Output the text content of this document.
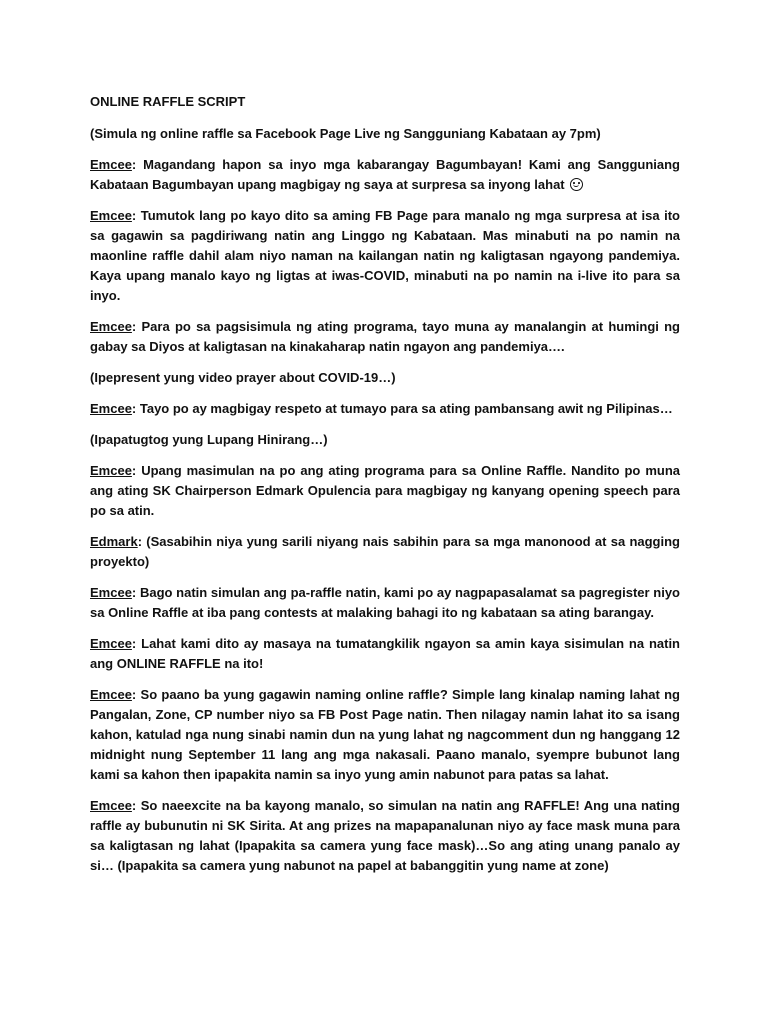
ONLINE RAFFLE SCRIPT

(Simula ng online raffle sa Facebook Page Live ng Sangguniang Kabataan ay 7pm)

Emcee: Magandang hapon sa inyo mga kabarangay Bagumbayan! Kami ang Sangguniang Kabataan Bagumbayan upang magbigay ng saya at surpresa sa inyong lahat

Emcee: Tumutok lang po kayo dito sa aming FB Page para manalo ng mga surpresa at isa ito sa gagawin sa pagdiriwang natin ang Linggo ng Kabataan. Mas minabuti na po namin na maonline raffle dahil alam niyo naman na kailangan natin ng kaligtasan ngayong pandemiya. Kaya upang manalo kayo ng ligtas at iwas-COVID, minabuti na po namin na i-live ito para sa inyo.

Emcee: Para po sa pagsisimula ng ating programa, tayo muna ay manalangin at humingi ng gabay sa Diyos at kaligtasan na kinakaharap natin ngayon ang pandemiya….

(Ipepresent yung video prayer about COVID-19…)

Emcee: Tayo po ay magbigay respeto at tumayo para sa ating pambansang awit ng Pilipinas…

(Ipapatugtog yung Lupang Hinirang…)

Emcee: Upang masimulan na po ang ating programa para sa Online Raffle. Nandito po muna ang ating SK Chairperson Edmark Opulencia para magbigay ng kanyang opening speech para po sa atin.

Edmark: (Sasabihin niya yung sarili niyang nais sabihin para sa mga manonood at sa nagging proyekto)

Emcee: Bago natin simulan ang pa-raffle natin, kami po ay nagpapasalamat sa pagregister niyo sa Online Raffle at iba pang contests at malaking bahagi ito ng kabataan sa ating barangay.

Emcee: Lahat kami dito ay masaya na tumatangkilik ngayon sa amin kaya sisimulan na natin ang ONLINE RAFFLE na ito!

Emcee: So paano ba yung gagawin naming online raffle? Simple lang kinalap naming lahat ng Pangalan, Zone, CP number niyo sa FB Post Page natin. Then nilagay namin lahat ito sa isang kahon, katulad nga nung sinabi namin dun na yung lahat ng nagcomment dun ng hanggang 12 midnight nung September 11 lang ang mga nakasali. Paano manalo, syempre bubunot lang kami sa kahon then ipapakita namin sa inyo yung amin nabunot para patas sa lahat.

Emcee: So naeexcite na ba kayong manalo, so simulan na natin ang RAFFLE! Ang una nating raffle ay bubunutin ni SK Sirita. At ang prizes na mapapanalunan niyo ay face mask muna para sa kaligtasan ng lahat (Ipapakita sa camera yung face mask)…So ang ating unang panalo ay si… (Ipapakita sa camera yung nabunot na papel at babanggitin yung name at zone)
